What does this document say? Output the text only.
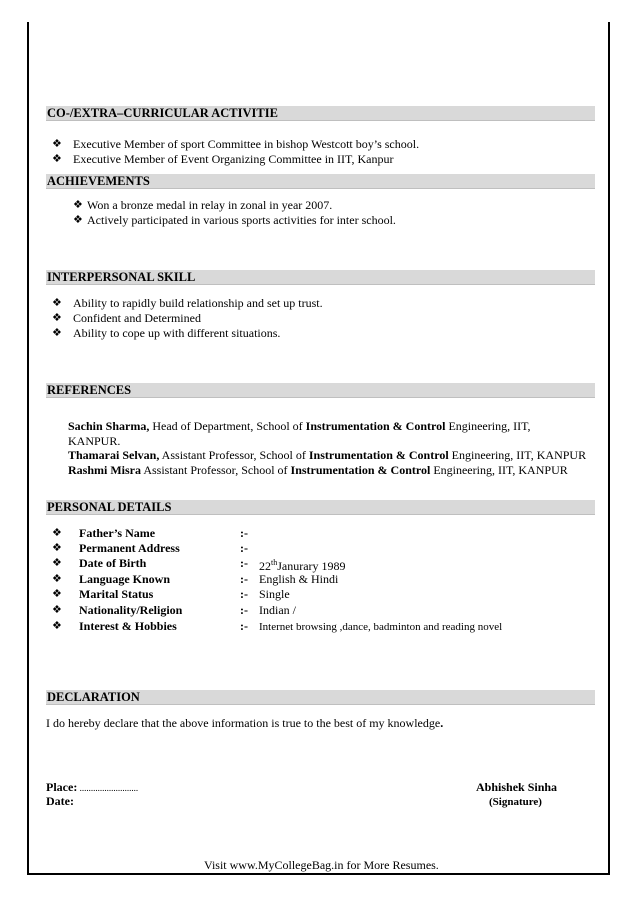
CO-/EXTRA–CURRICULAR ACTIVITIE
❖ Executive Member of sport Committee in bishop Westcott boy’s school.
❖ Executive Member of Event Organizing Committee in IIT, Kanpur
ACHIEVEMENTS
❖ Won a bronze medal in relay in zonal in year 2007.
❖ Actively participated in various sports activities for inter school.
INTERPERSONAL SKILL
❖ Ability to rapidly build relationship and set up trust.
❖ Confident and Determined
❖ Ability to cope up with different situations.
REFERENCES
Sachin Sharma, Head of Department, School of Instrumentation & Control Engineering, IIT,
KANPUR.
Thamarai Selvan, Assistant Professor, School of Instrumentation & Control Engineering, IIT, KANPUR
Rashmi Misra Assistant Professor, School of Instrumentation & Control Engineering, IIT, KANPUR
PERSONAL DETAILS
❖ Father’s Name	:-
❖ Permanent Address	:-
❖ Date of Birth	:- 22thJanurary 1989
❖ Language Known	:- English & Hindi
❖ Marital Status	:- Single
❖ Nationality/Religion	:- Indian /
❖ Interest & Hobbies	:- Internet browsing ,dance, badminton and reading novel
DECLARATION
I do hereby declare that the above information is true to the best of my knowledge.
Place: ..........................
Date:
Abhishek Sinha
(Signature)
Visit www.MyCollegeBag.in for More Resumes.
